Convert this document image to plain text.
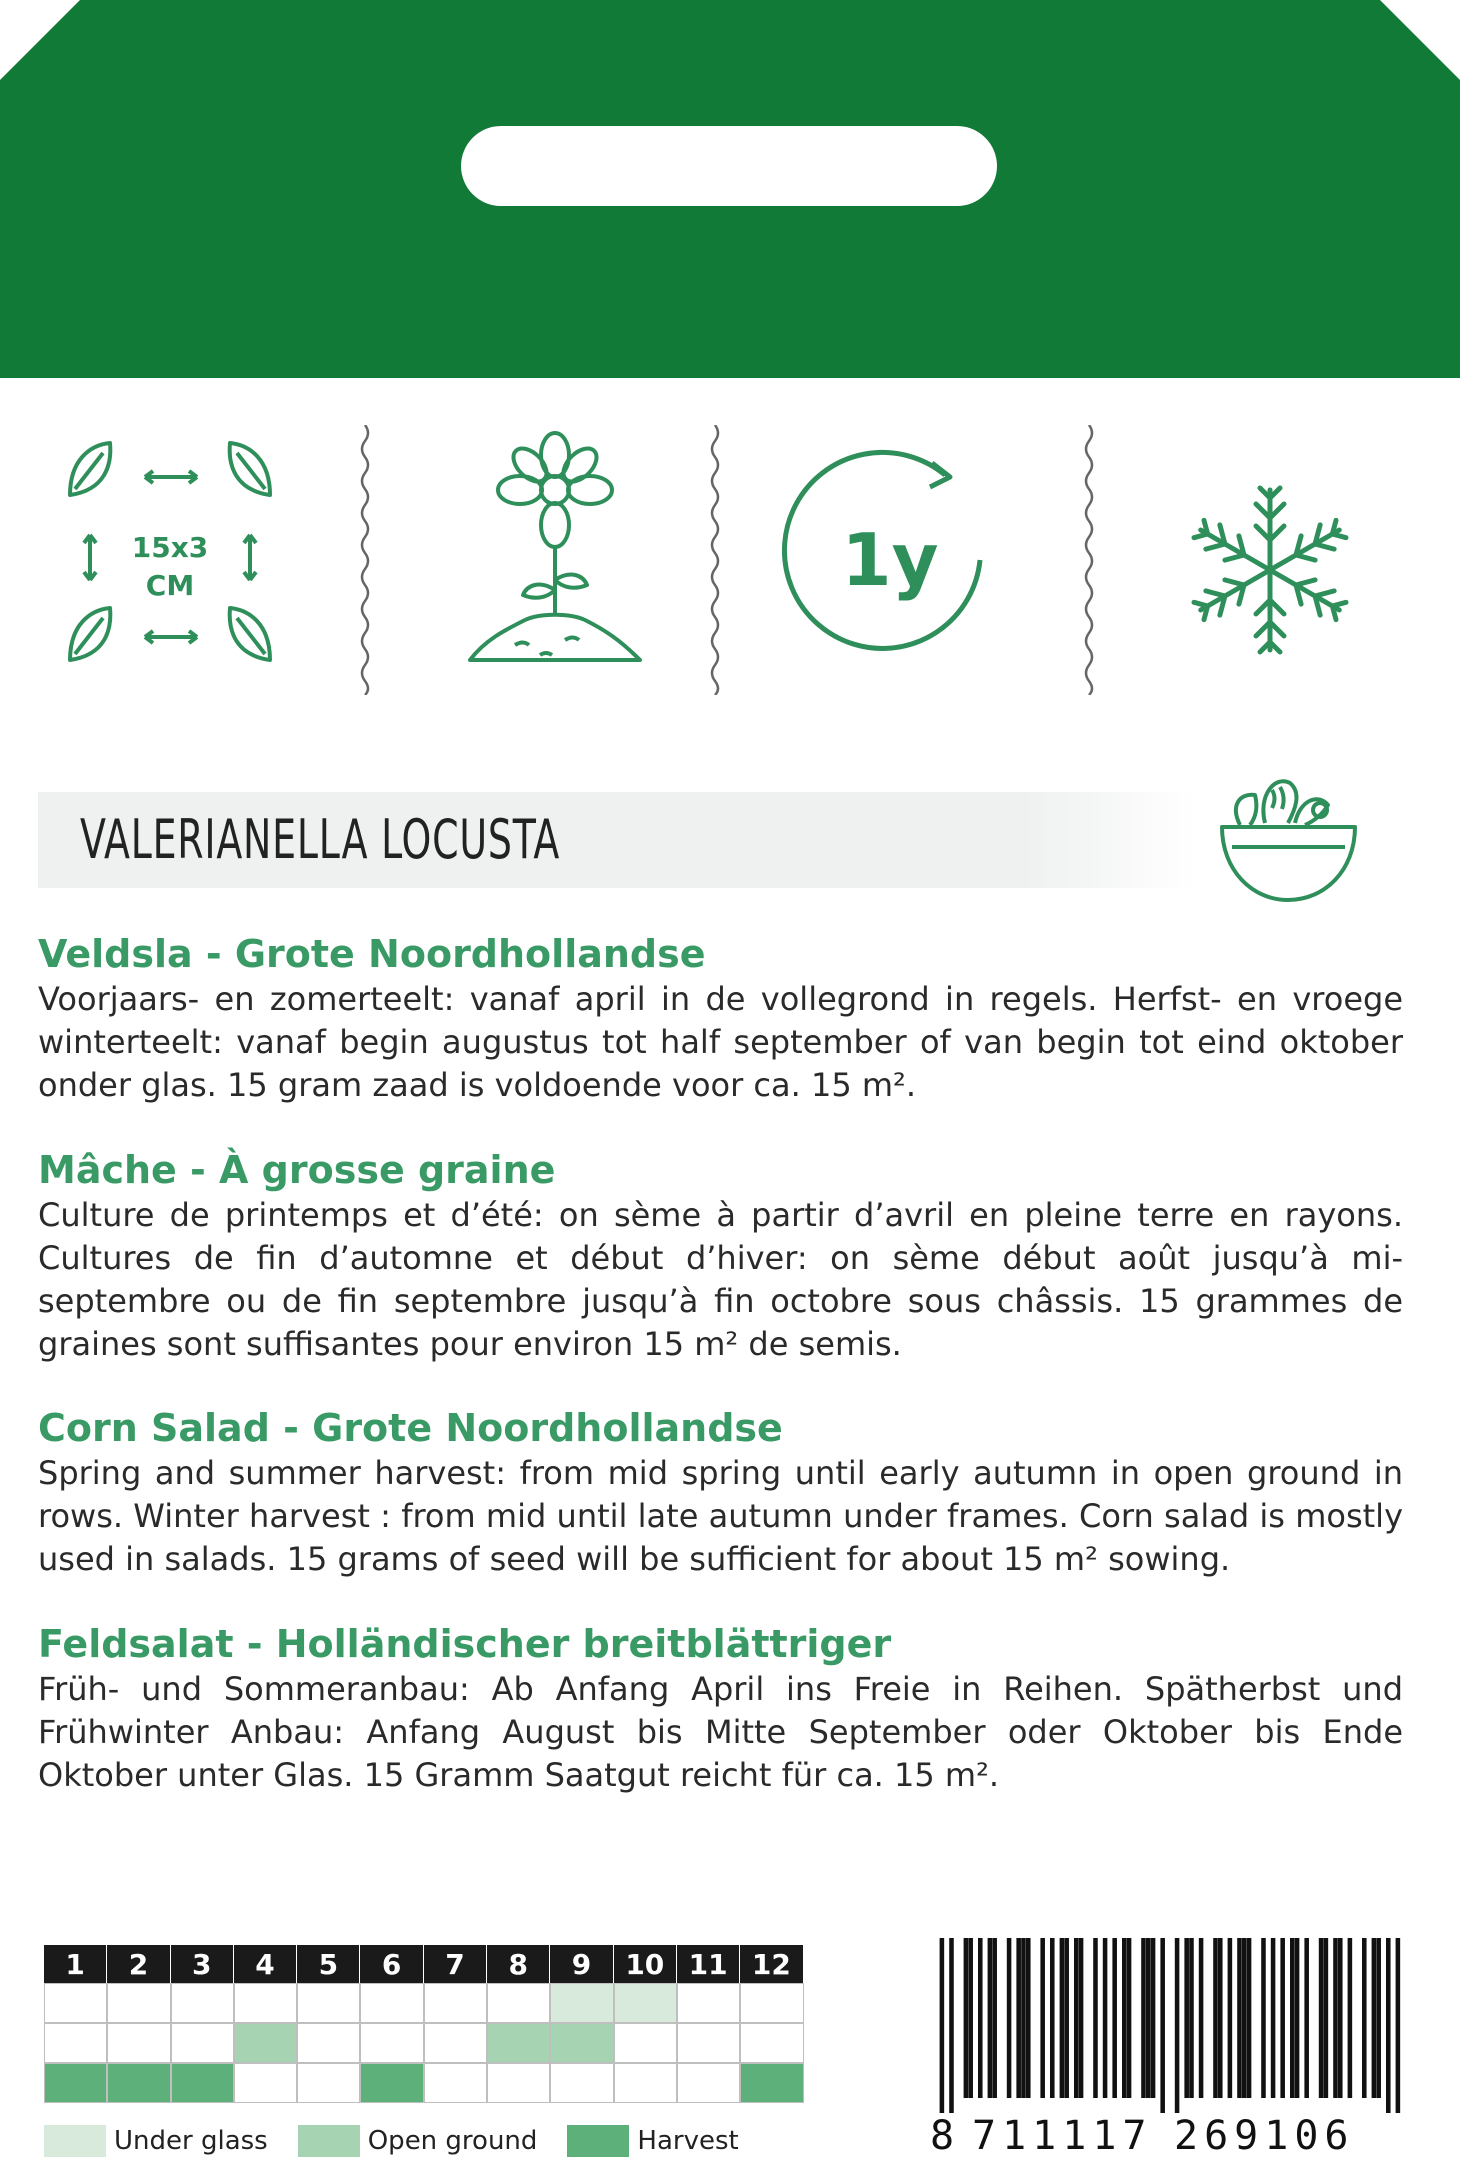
15x3
CM	1y
VALERIANELLA LOCUSTA
Veldsla - Grote Noordhollandse

Voorjaars- en zomerteelt: vanaf april in de vollegrond in regels. Herfst- en vroege winterteelt: vanaf begin augustus tot half september of van begin tot eind oktober onder glas. 15 gram zaad is voldoende voor ca. 15 m².

Mâche - À grosse graine

Culture de printemps et d’été: on sème à partir d’avril en pleine terre en rayons. Cultures de fin d’automne et début d’hiver: on sème début août jusqu’à mi-septembre ou de fin septembre jusqu’à fin octobre sous châssis. 15 grammes de graines sont suffisantes pour environ 15 m² de semis.

Corn Salad - Grote Noordhollandse

Spring and summer harvest: from mid spring until early autumn in open ground in rows. Winter harvest : from mid until late autumn under frames. Corn salad is mostly used in salads. 15 grams of seed will be sufficient for about 15 m² sowing.

Feldsalat - Holländischer breitblättriger

Früh- und Sommeranbau: Ab Anfang April ins Freie in Reihen. Spätherbst und Frühwinter Anbau: Anfang August bis Mitte September oder Oktober bis Ende Oktober unter Glas. 15 Gramm Saatgut reicht für ca. 15 m².

1	2	3	4	5	6	7	8	9	10 11 12
Under glass	Open ground	Harvest	8 711117 269106
